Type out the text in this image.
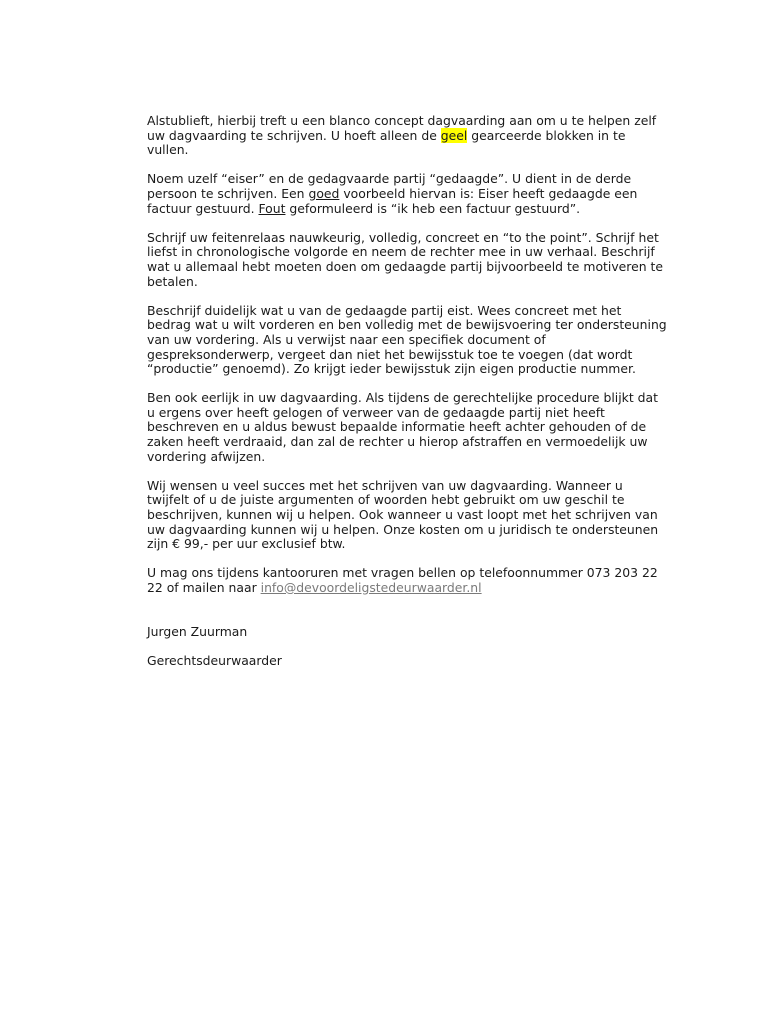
Alstublieft, hierbij treft u een blanco concept dagvaarding aan om u te helpen zelf uw dagvaarding te schrijven. U hoeft alleen de geel gearceerde blokken in te vullen.

Noem uzelf “eiser” en de gedagvaarde partij “gedaagde”. U dient in de derde persoon te schrijven. Een goed voorbeeld hiervan is: Eiser heeft gedaagde een factuur gestuurd. Fout geformuleerd is “ik heb een factuur gestuurd”.

Schrijf uw feitenrelaas nauwkeurig, volledig, concreet en “to the point”. Schrijf het liefst in chronologische volgorde en neem de rechter mee in uw verhaal. Beschrijf wat u allemaal hebt moeten doen om gedaagde partij bijvoorbeeld te motiveren te betalen.

Beschrijf duidelijk wat u van de gedaagde partij eist. Wees concreet met het bedrag wat u wilt vorderen en ben volledig met de bewijsvoering ter ondersteuning van uw vordering. Als u verwijst naar een specifiek document of gespreksonderwerp, vergeet dan niet het bewijsstuk toe te voegen (dat wordt “productie” genoemd). Zo krijgt ieder bewijsstuk zijn eigen productie nummer.

Ben ook eerlijk in uw dagvaarding. Als tijdens de gerechtelijke procedure blijkt dat u ergens over heeft gelogen of verweer van de gedaagde partij niet heeft beschreven en u aldus bewust bepaalde informatie heeft achter gehouden of de zaken heeft verdraaid, dan zal de rechter u hierop afstraffen en vermoedelijk uw vordering afwijzen.

Wij wensen u veel succes met het schrijven van uw dagvaarding. Wanneer u twijfelt of u de juiste argumenten of woorden hebt gebruikt om uw geschil te beschrijven, kunnen wij u helpen. Ook wanneer u vast loopt met het schrijven van uw dagvaarding kunnen wij u helpen. Onze kosten om u juridisch te ondersteunen zijn € 99,- per uur exclusief btw.

U mag ons tijdens kantooruren met vragen bellen op telefoonnummer 073 203 22 22 of mailen naar info@devoordeligstedeurwaarder.nl

Jurgen Zuurman

Gerechtsdeurwaarder
